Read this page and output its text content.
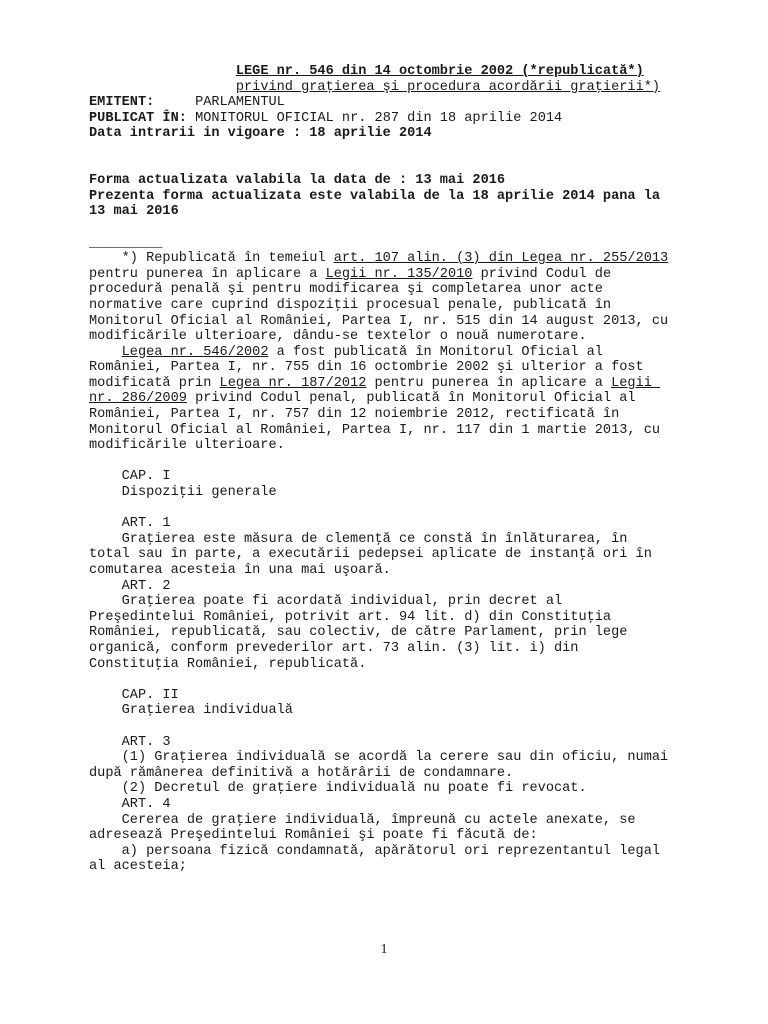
LEGE nr. 546 din 14 octombrie 2002 (*republicată*)
privind graţierea şi procedura acordării graţierii*)
EMITENT:	PARLAMENTUL
PUBLICAT ÎN: MONITORUL OFICIAL nr. 287 din 18 aprilie 2014
Data intrarii in vigoare : 18 aprilie 2014
Forma actualizata valabila la data de : 13 mai 2016
Prezenta forma actualizata este valabila de la 18 aprilie 2014 pana la
13 mai 2016
_________
*) Republicată în temeiul art. 107 alin. (3) din Legea nr. 255/2013
pentru punerea în aplicare a Legii nr. 135/2010 privind Codul de
procedură penală şi pentru modificarea şi completarea unor acte
normative care cuprind dispoziţii procesual penale, publicată în
Monitorul Oficial al României, Partea I, nr. 515 din 14 august 2013, cu
modificările ulterioare, dându-se textelor o nouă numerotare.
Legea nr. 546/2002 a fost publicată în Monitorul Oficial al
României, Partea I, nr. 755 din 16 octombrie 2002 şi ulterior a fost
modificată prin Legea nr. 187/2012 pentru punerea în aplicare a Legii
nr. 286/2009 privind Codul penal, publicată în Monitorul Oficial al
României, Partea I, nr. 757 din 12 noiembrie 2012, rectificată în
Monitorul Oficial al României, Partea I, nr. 117 din 1 martie 2013, cu
modificările ulterioare.
CAP. I
Dispoziţii generale
ART. 1
Graţierea este măsura de clemenţă ce constă în înlăturarea, în
total sau în parte, a executării pedepsei aplicate de instanţă ori în
comutarea acesteia în una mai uşoară.
ART. 2
Graţierea poate fi acordată individual, prin decret al
Preşedintelui României, potrivit art. 94 lit. d) din Constituţia
României, republicată, sau colectiv, de către Parlament, prin lege
organică, conform prevederilor art. 73 alin. (3) lit. i) din
Constituţia României, republicată.
CAP. II
Graţierea individuală
ART. 3
(1) Graţierea individuală se acordă la cerere sau din oficiu, numai
după rămânerea definitivă a hotărârii de condamnare.
(2) Decretul de graţiere individuală nu poate fi revocat.
ART. 4
Cererea de graţiere individuală, împreună cu actele anexate, se
adresează Preşedintelui României şi poate fi făcută de:
a) persoana fizică condamnată, apărătorul ori reprezentantul legal
al acesteia;
1
